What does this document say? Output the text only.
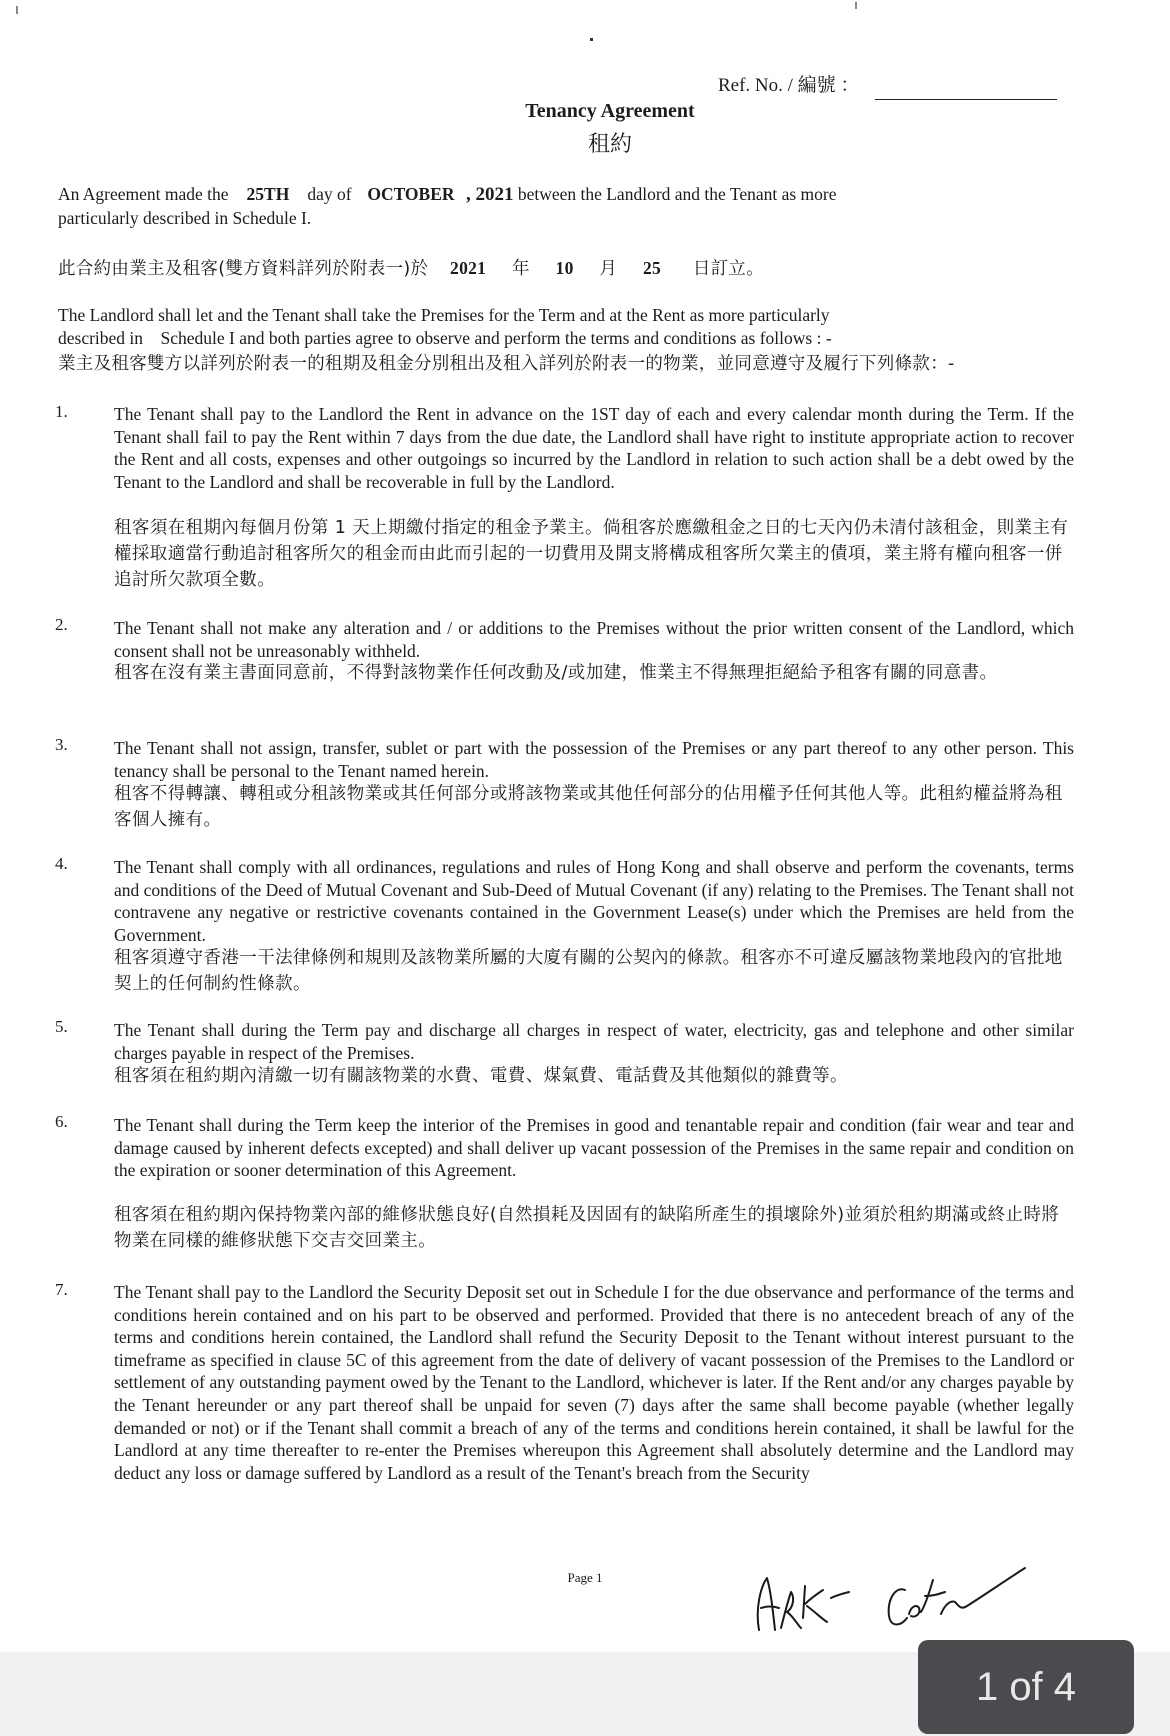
Ref. No. / 編號 ：

Tenancy Agreement
租約
An Agreement made the 25TH day of OCTOBER , 2021 between the Landlord and the Tenant as more
particularly described in Schedule I.
此合約由業主及租客(雙方資料詳列於附表一)於 2021 年 10 月 25 日訂立。
The Landlord shall let and the Tenant shall take the Premises for the Term and at the Rent as more particularly
described in    Schedule I and both parties agree to observe and perform the terms and conditions as follows : -
業主及租客雙方以詳列於附表一的租期及租金分別租出及租入詳列於附表一的物業，並同意遵守及履行下列條款：-
1.	The Tenant shall pay to the Landlord the Rent in advance on the 1ST day of each and every calendar month during the Term. If the Tenant shall fail to pay the Rent within 7 days from the due date, the Landlord shall have right to institute appropriate action to recover the Rent and all costs, expenses and other outgoings so incurred by the Landlord in relation to such action shall be a debt owed by the Tenant to the Landlord and shall be recoverable in full by the Landlord.
租客須在租期內每個月份第 1 天上期繳付指定的租金予業主。倘租客於應繳租金之日的七天內仍未清付該租金，則業主有權採取適當行動追討租客所欠的租金而由此而引起的一切費用及開支將構成租客所欠業主的債項，業主將有權向租客一併追討所欠款項全數。
2.	The Tenant shall not make any alteration and / or additions to the Premises without the prior written consent of the Landlord, which consent shall not be unreasonably withheld.
租客在沒有業主書面同意前，不得對該物業作任何改動及/或加建，惟業主不得無理拒絕給予租客有關的同意書。
3.	The Tenant shall not assign, transfer, sublet or part with the possession of the Premises or any part thereof to any other person. This tenancy shall be personal to the Tenant named herein.
租客不得轉讓、轉租或分租該物業或其任何部分或將該物業或其他任何部分的佔用權予任何其他人等。此租約權益將為租客個人擁有。
4.	The Tenant shall comply with all ordinances, regulations and rules of Hong Kong and shall observe and perform the covenants, terms and conditions of the Deed of Mutual Covenant and Sub-Deed of Mutual Covenant (if any) relating to the Premises. The Tenant shall not contravene any negative or restrictive covenants contained in the Government Lease(s) under which the Premises are held from the Government.
租客須遵守香港一干法律條例和規則及該物業所屬的大廈有關的公契內的條款。租客亦不可違反屬該物業地段內的官批地契上的任何制約性條款。
5.	The Tenant shall during the Term pay and discharge all charges in respect of water, electricity, gas and telephone and other similar charges payable in respect of the Premises.
租客須在租約期內清繳一切有關該物業的水費、電費、煤氣費、電話費及其他類似的雜費等。
6.	The Tenant shall during the Term keep the interior of the Premises in good and tenantable repair and condition (fair wear and tear and damage caused by inherent defects excepted) and shall deliver up vacant possession of the Premises in the same repair and condition on the expiration or sooner determination of this Agreement.
租客須在租約期內保持物業內部的維修狀態良好(自然損耗及因固有的缺陷所產生的損壞除外)並須於租約期滿或終止時將物業在同樣的維修狀態下交吉交回業主。
7.	The Tenant shall pay to the Landlord the Security Deposit set out in Schedule I for the due observance and performance of the terms and conditions herein contained and on his part to be observed and performed. Provided that there is no antecedent breach of any of the terms and conditions herein contained, the Landlord shall refund the Security Deposit to the Tenant without interest pursuant to the timeframe as specified in clause 5C of this agreement from the date of delivery of vacant possession of the Premises to the Landlord or settlement of any outstanding payment owed by the Tenant to the Landlord, whichever is later. If the Rent and/or any charges payable by the Tenant hereunder or any part thereof shall be unpaid for seven (7) days after the same shall become payable (whether legally demanded or not) or if the Tenant shall commit a breach of any of the terms and conditions herein contained, it shall be lawful for the Landlord at any time thereafter to re-enter the Premises whereupon this Agreement shall absolutely determine and the Landlord may deduct any loss or damage suffered by Landlord as a result of the Tenant's breach from the Security

Page 1

1 of 4
